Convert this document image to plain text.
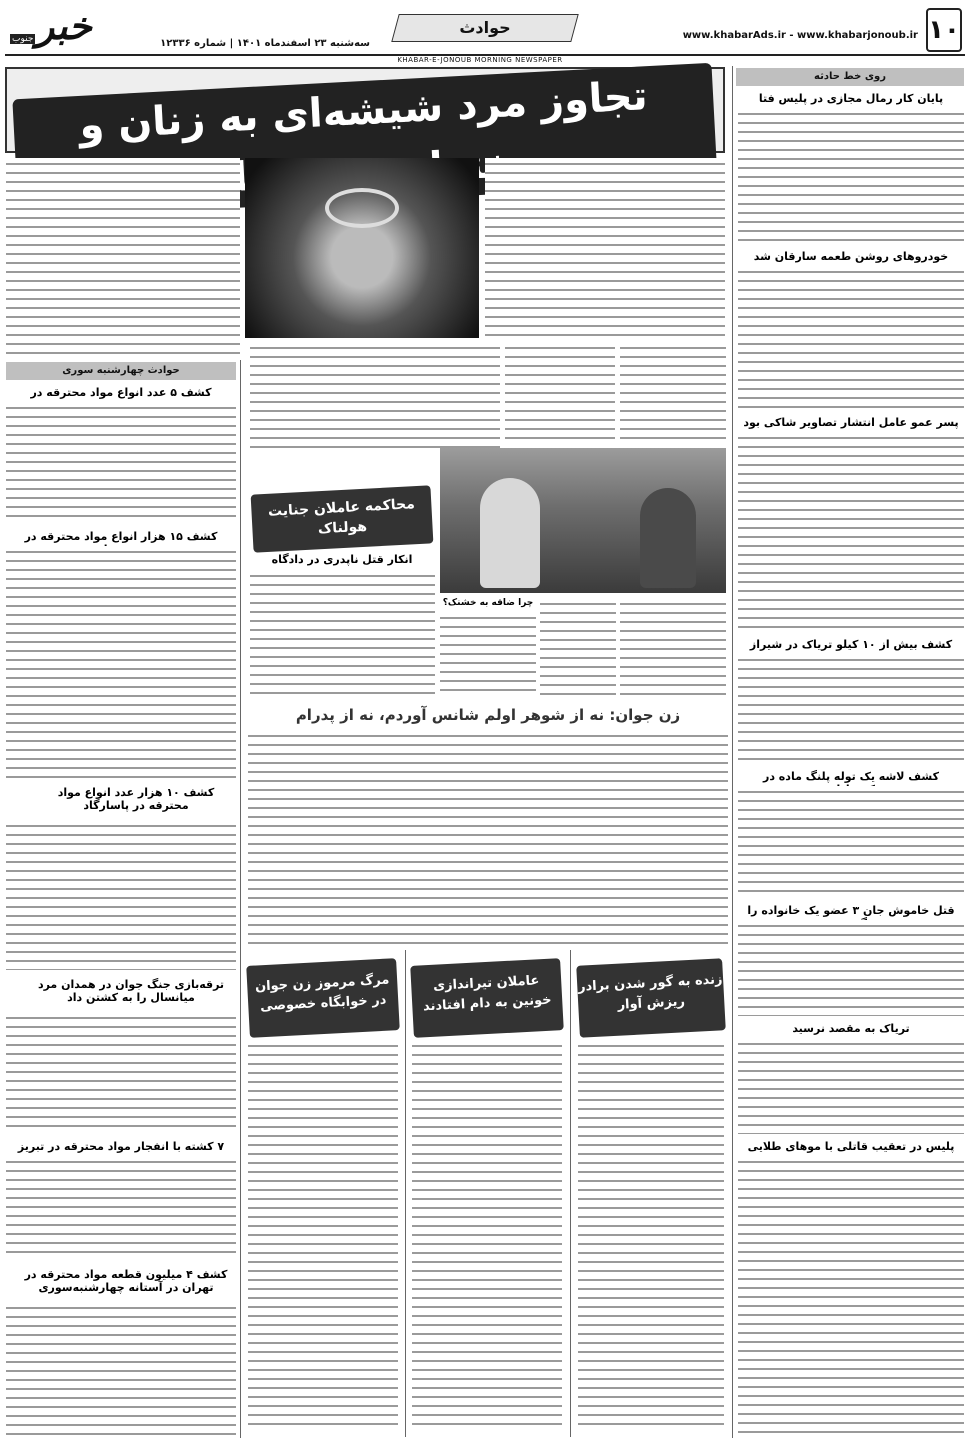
۱۰
www.khabarAds.ir - www.khabarjonoub.ir
حوادث
سه‌شنبه ۲۳ اسفندماه ۱۴۰۱ | شماره ۱۲۳۳۶
خبر
جنوب
KHABAR-E-JONOUB MORNING NEWSPAPER
تجاوز مرد شیشه‌ای به زنان و
روی خط حادثه
پایان کار رمال مجازی در پلیس فتا
خودروهای روشن طعمه سارقان شد
پسر عمو عامل انتشار تصاویر شاکی بود
کشف بیش از ۱۰ کیلو تریاک در شیراز
کشف لاشه یک توله پلنگ ماده در
قتل خاموش جان ۳ عضو یک خانواده را
تریاک به مقصد نرسید
پلیس در تعقیب قاتلی با موهای طلایی
حوادث چهارشنبه سوری
کشف ۵ عدد انواع مواد محترقه در
کشف ۱۵ هزار انواع مواد محترقه در
کشف ۱۰ هزار عدد انواع مواد محترقه در پاسارگاد
ترقه‌بازی جنگ جوان در همدان مرد میانسال را به کشتن داد
۷ کشته با انفجار مواد محترقه در تبریز
کشف ۴ میلیون قطعه مواد محترقه در تهران در آستانه چهارشنبه‌سوری
محاکمه عاملان جنایت هولناک
انکار قتل ناپدری در دادگاه
چرا ضاقه به خشنک؟
زن جوان: نه از شوهر اولم شانس آوردم، نه از پدرام
زنده به گور شدن برادر ریزش آوار
عاملان تیراندازی خونین به دام افتادند
مرگ مرموز زن جوان در خوابگاه خصوصی
